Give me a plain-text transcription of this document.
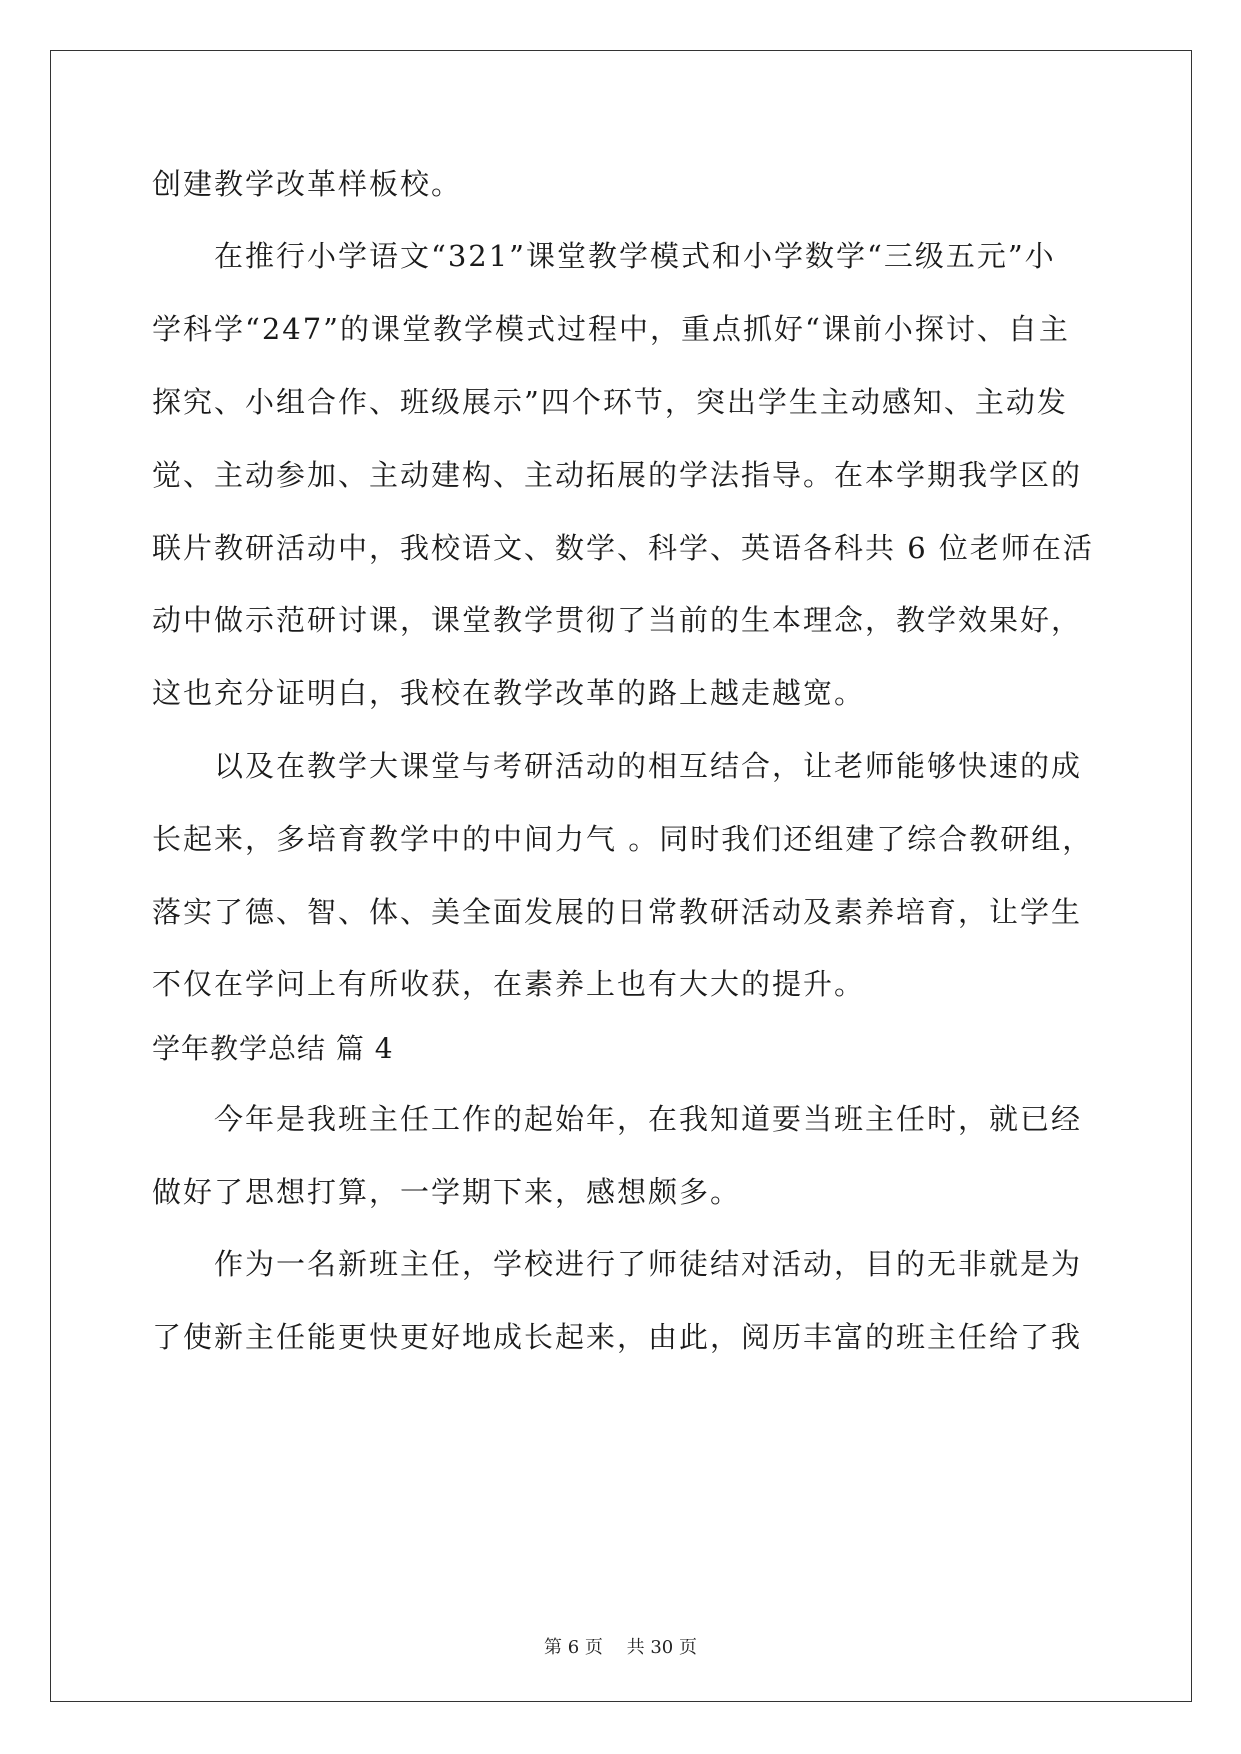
创建教学改革样板校。
在推行小学语文“321”课堂教学模式和小学数学“三级五元”小
学科学“247”的课堂教学模式过程中，重点抓好“课前小探讨、自主
探究、小组合作、班级展示”四个环节，突出学生主动感知、主动发
觉、主动参加、主动建构、主动拓展的学法指导。在本学期我学区的
联片教研活动中，我校语文、数学、科学、英语各科共 6 位老师在活
动中做示范研讨课，课堂教学贯彻了当前的生本理念，教学效果好，
这也充分证明白，我校在教学改革的路上越走越宽。
以及在教学大课堂与考研活动的相互结合，让老师能够快速的成
长起来，多培育教学中的中间力气 。同时我们还组建了综合教研组，
落实了德、智、体、美全面发展的日常教研活动及素养培育，让学生
不仅在学问上有所收获，在素养上也有大大的提升。
学年教学总结 篇 4
今年是我班主任工作的起始年，在我知道要当班主任时，就已经
做好了思想打算，一学期下来，感想颇多。
作为一名新班主任，学校进行了师徒结对活动，目的无非就是为
了使新主任能更快更好地成长起来，由此，阅历丰富的班主任给了我
第 6 页　 共 30 页
